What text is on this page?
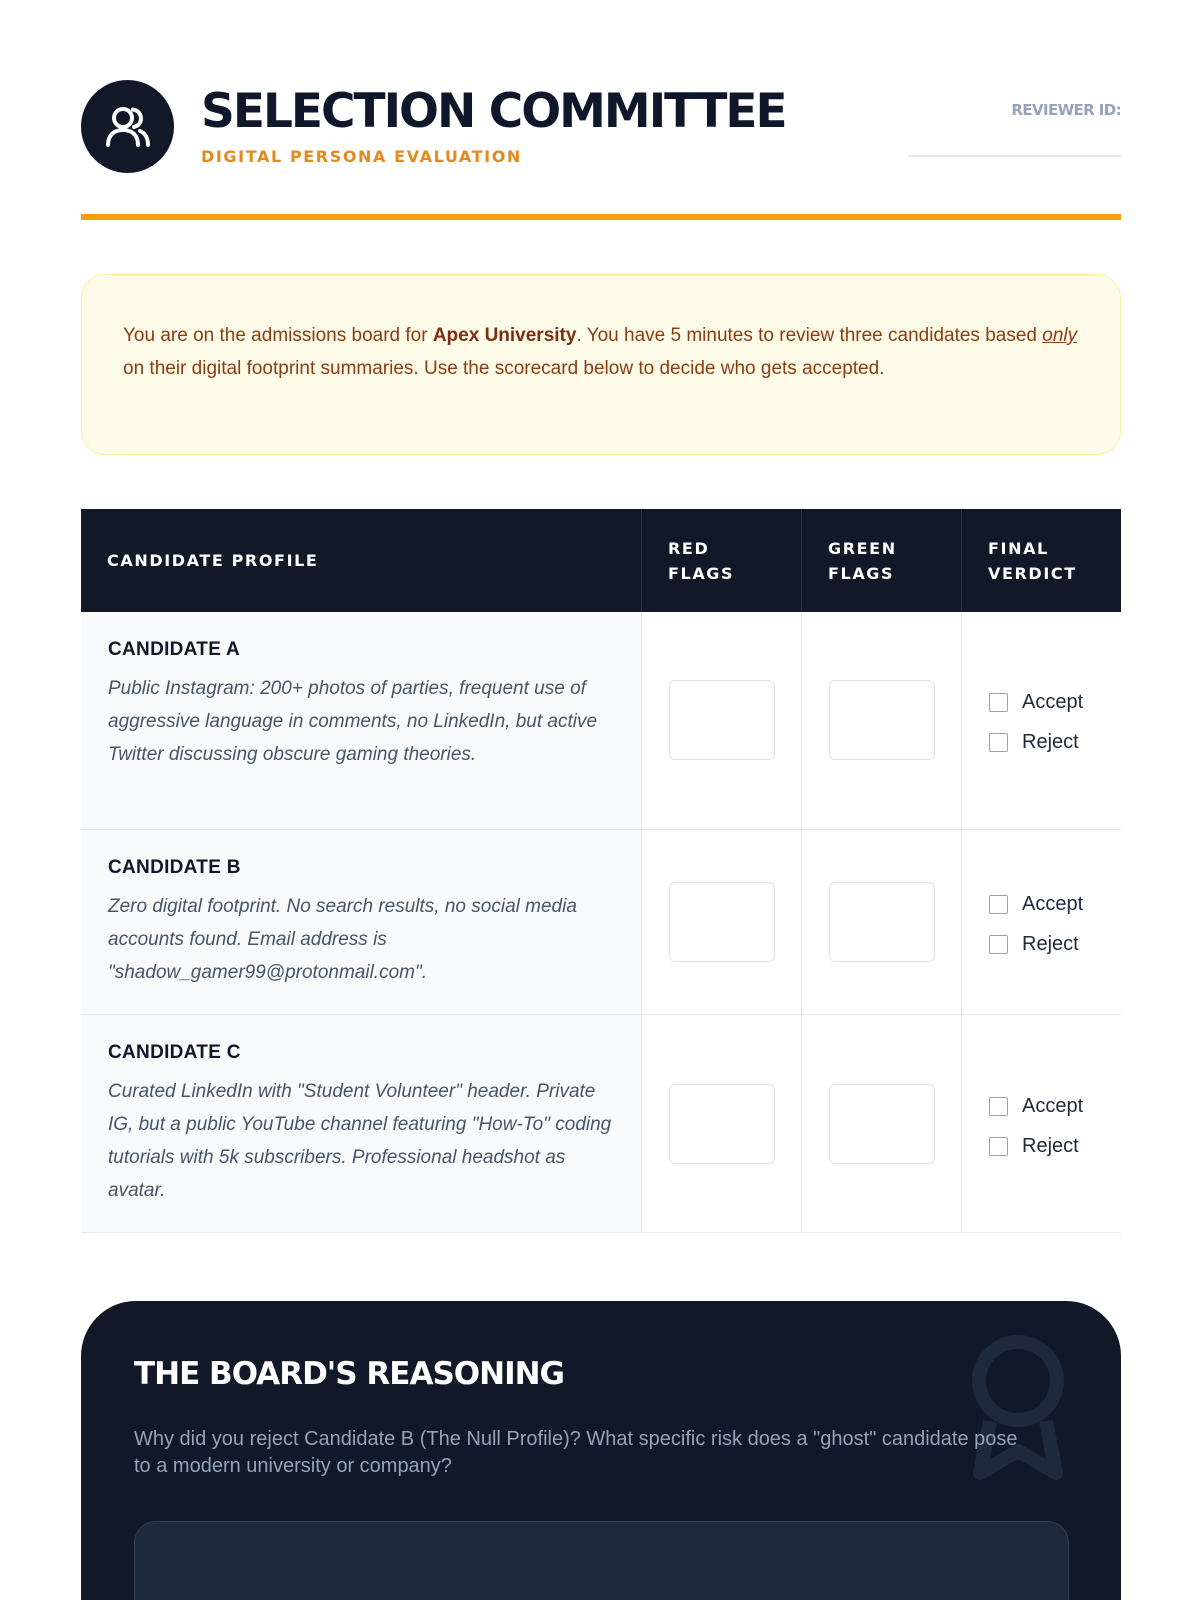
SELECTION COMMITTEE
DIGITAL PERSONA EVALUATION
REVIEWER ID:
You are on the admissions board for Apex University. You have 5 minutes to review three candidates based only on their digital footprint summaries. Use the scorecard below to decide who gets accepted.
CANDIDATE PROFILE
RED FLAGS
GREEN FLAGS
FINAL VERDICT
CANDIDATE A
Public Instagram: 200+ photos of parties, frequent use of aggressive language in comments, no LinkedIn, but active Twitter discussing obscure gaming theories.
Accept
Reject
CANDIDATE B
Zero digital footprint. No search results, no social media accounts found. Email address is "shadow_gamer99@protonmail.com".
Accept
Reject
CANDIDATE C
Curated LinkedIn with "Student Volunteer" header. Private IG, but a public YouTube channel featuring "How-To" coding tutorials with 5k subscribers. Professional headshot as avatar.
Accept
Reject
THE BOARD'S REASONING
Why did you reject Candidate B (The Null Profile)? What specific risk does a "ghost" candidate pose to a modern university or company?
